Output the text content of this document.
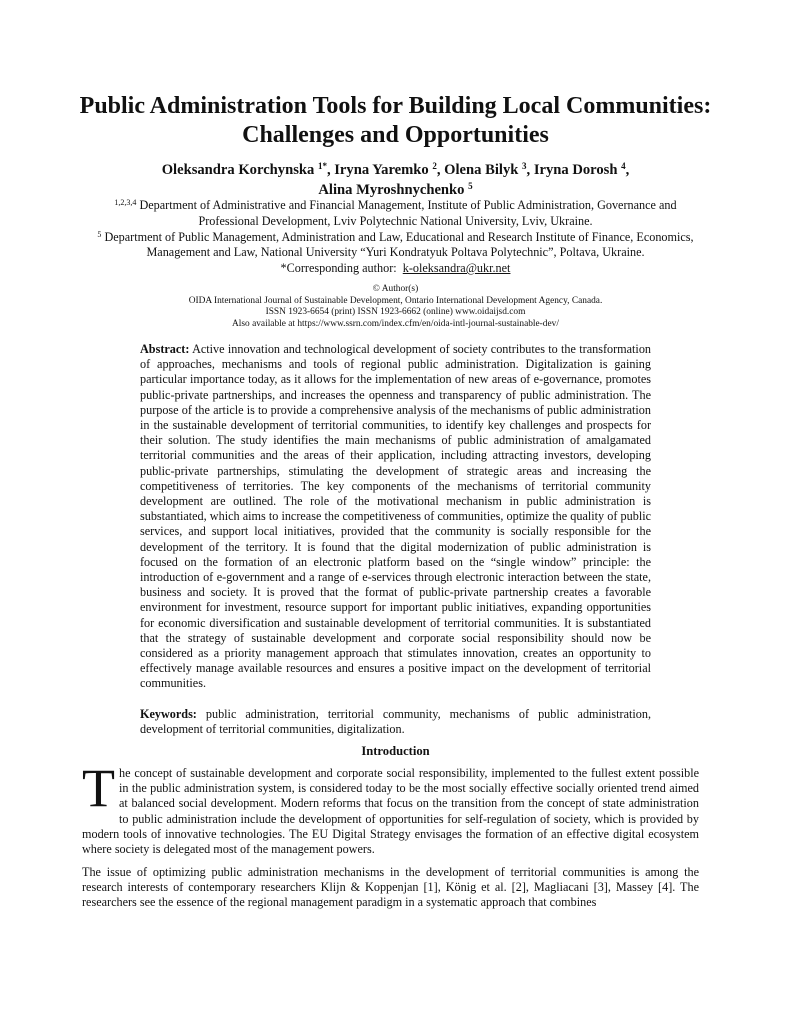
Public Administration Tools for Building Local Communities: Challenges and Opportunities

Oleksandra Korchynska $^{1*}$, Iryna Yaremko $^2$, Olena Bilyk $^3$, Iryna Dorosh $^4$,
Alina Myroshnychenko $^5$

$^{1,2,3,4}$ Department of Administrative and Financial Management, Institute of Public Administration, Governance and Professional Development, Lviv Polytechnic National University, Lviv, Ukraine.
$^5$ Department of Public Management, Administration and Law, Educational and Research Institute of Finance, Economics, Management and Law, National University “Yuri Kondratyuk Poltava Polytechnic”, Poltava, Ukraine.
*Corresponding author: k-oleksandra@ukr.net

© Author(s)
OIDA International Journal of Sustainable Development, Ontario International Development Agency, Canada.
ISSN 1923-6654 (print) ISSN 1923-6662 (online) www.oidaijsd.com
Also available at https://www.ssrn.com/index.cfm/en/oida-intl-journal-sustainable-dev/

Abstract: Active innovation and technological development of society contributes to the transformation of approaches, mechanisms and tools of regional public administration. Digitalization is gaining particular importance today, as it allows for the implementation of new areas of e-governance, promotes public-private partnerships, and increases the openness and transparency of public administration. The purpose of the article is to provide a comprehensive analysis of the mechanisms of public administration in the sustainable development of territorial communities, to identify key challenges and prospects for their solution. The study identifies the main mechanisms of public administration of amalgamated territorial communities and the areas of their application, including attracting investors, developing public-private partnerships, stimulating the development of strategic areas and increasing the competitiveness of territories. The key components of the mechanisms of territorial community development are outlined. The role of the motivational mechanism in public administration is substantiated, which aims to increase the competitiveness of communities, optimize the quality of public services, and support local initiatives, provided that the community is socially responsible for the development of the territory. It is found that the digital modernization of public administration is focused on the formation of an electronic platform based on the “single window” principle: the introduction of e-government and a range of e-services through electronic interaction between the state, business and society. It is proved that the format of public-private partnership creates a favorable environment for investment, resource support for important public initiatives, expanding opportunities for economic diversification and sustainable development of territorial communities. It is substantiated that the strategy of sustainable development and corporate social responsibility should now be considered as a priority management approach that stimulates innovation, creates an opportunity to effectively manage available resources and ensures a positive impact on the development of territorial communities.

Keywords: public administration, territorial community, mechanisms of public administration, development of territorial communities, digitalization.

Introduction

The concept of sustainable development and corporate social responsibility, implemented to the fullest extent possible in the public administration system, is considered today to be the most socially effective socially oriented trend aimed at balanced social development. Modern reforms that focus on the transition from the concept of state administration to public administration include the development of opportunities for self-regulation of society, which is provided by modern tools of innovative technologies. The EU Digital Strategy envisages the formation of an effective digital ecosystem where society is delegated most of the management powers.

The issue of optimizing public administration mechanisms in the development of territorial communities is among the research interests of contemporary researchers Klijn & Koppenjan [1], König et al. [2], Magliacani [3], Massey [4]. The researchers see the essence of the regional management paradigm in a systematic approach that combines
